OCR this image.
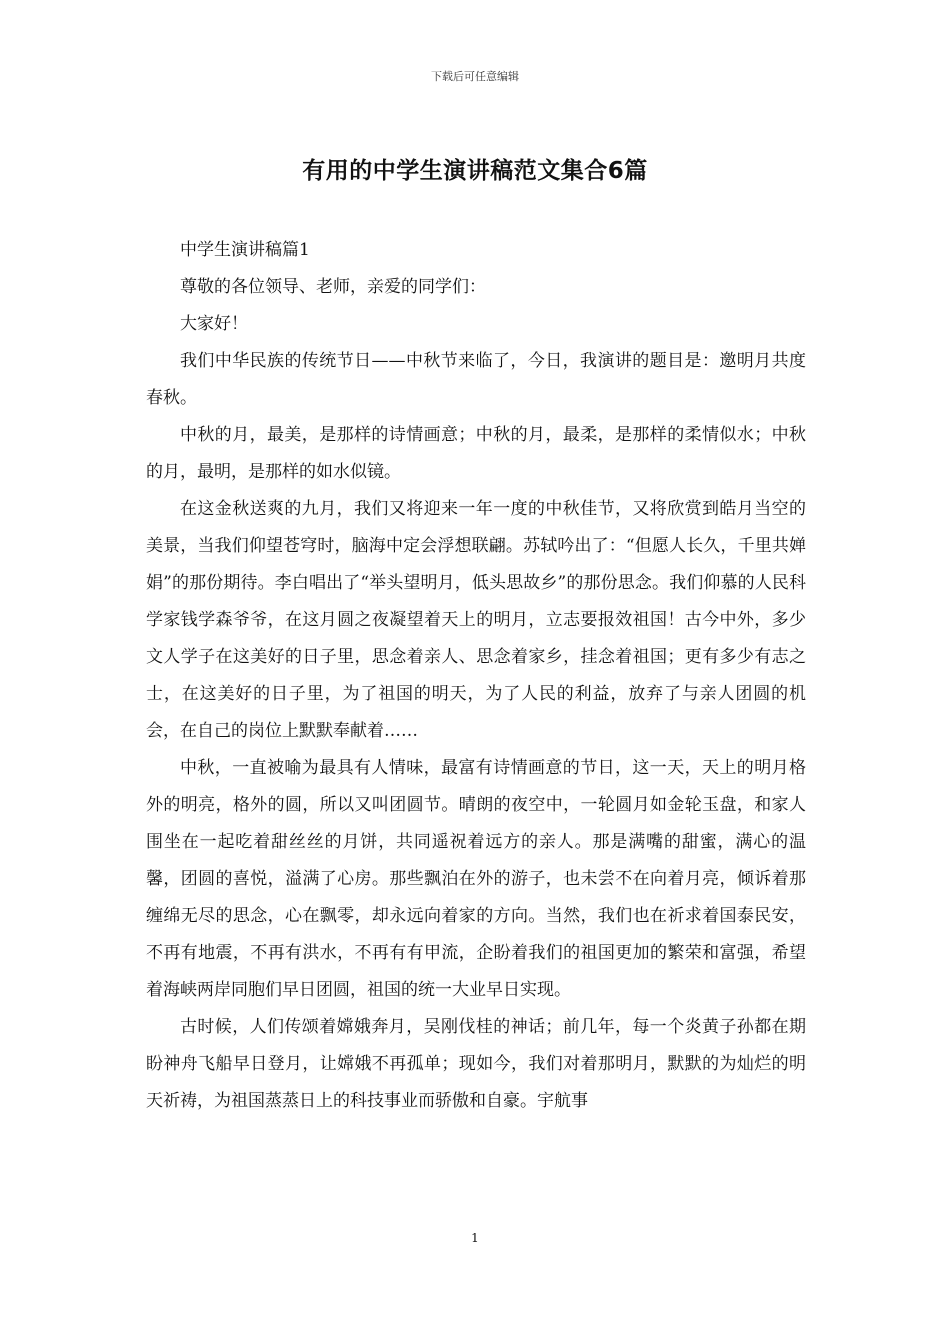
下载后可任意编辑
有用的中学生演讲稿范文集合6篇

中学生演讲稿篇1

尊敬的各位领导、老师，亲爱的同学们：

大家好！

我们中华民族的传统节日——中秋节来临了，今日，我演讲的题目是：邀明月共度春秋。

中秋的月，最美，是那样的诗情画意；中秋的月，最柔，是那样的柔情似水；中秋的月，最明，是那样的如水似镜。

在这金秋送爽的九月，我们又将迎来一年一度的中秋佳节，又将欣赏到皓月当空的美景，当我们仰望苍穹时，脑海中定会浮想联翩。苏轼吟出了：“但愿人长久，千里共婵娟”的那份期待。李白唱出了“举头望明月，低头思故乡”的那份思念。我们仰慕的人民科学家钱学森爷爷，在这月圆之夜凝望着天上的明月，立志要报效祖国！古今中外，多少文人学子在这美好的日子里，思念着亲人、思念着家乡，挂念着祖国；更有多少有志之士，在这美好的日子里，为了祖国的明天，为了人民的利益，放弃了与亲人团圆的机会，在自己的岗位上默默奉献着……

中秋，一直被喻为最具有人情味，最富有诗情画意的节日，这一天，天上的明月格外的明亮，格外的圆，所以又叫团圆节。晴朗的夜空中，一轮圆月如金轮玉盘，和家人围坐在一起吃着甜丝丝的月饼，共同遥祝着远方的亲人。那是满嘴的甜蜜，满心的温馨，团圆的喜悦，溢满了心房。那些飘泊在外的游子，也未尝不在向着月亮，倾诉着那缠绵无尽的思念，心在飘零，却永远向着家的方向。当然，我们也在祈求着国泰民安，不再有地震，不再有洪水，不再有有甲流，企盼着我们的祖国更加的繁荣和富强，希望着海峡两岸同胞们早日团圆，祖国的统一大业早日实现。

古时候，人们传颂着嫦娥奔月，吴刚伐桂的神话；前几年，每一个炎黄子孙都在期盼神舟飞船早日登月，让嫦娥不再孤单；现如今，我们对着那明月，默默的为灿烂的明天祈祷，为祖国蒸蒸日上的科技事业而骄傲和自豪。宇航事

1
